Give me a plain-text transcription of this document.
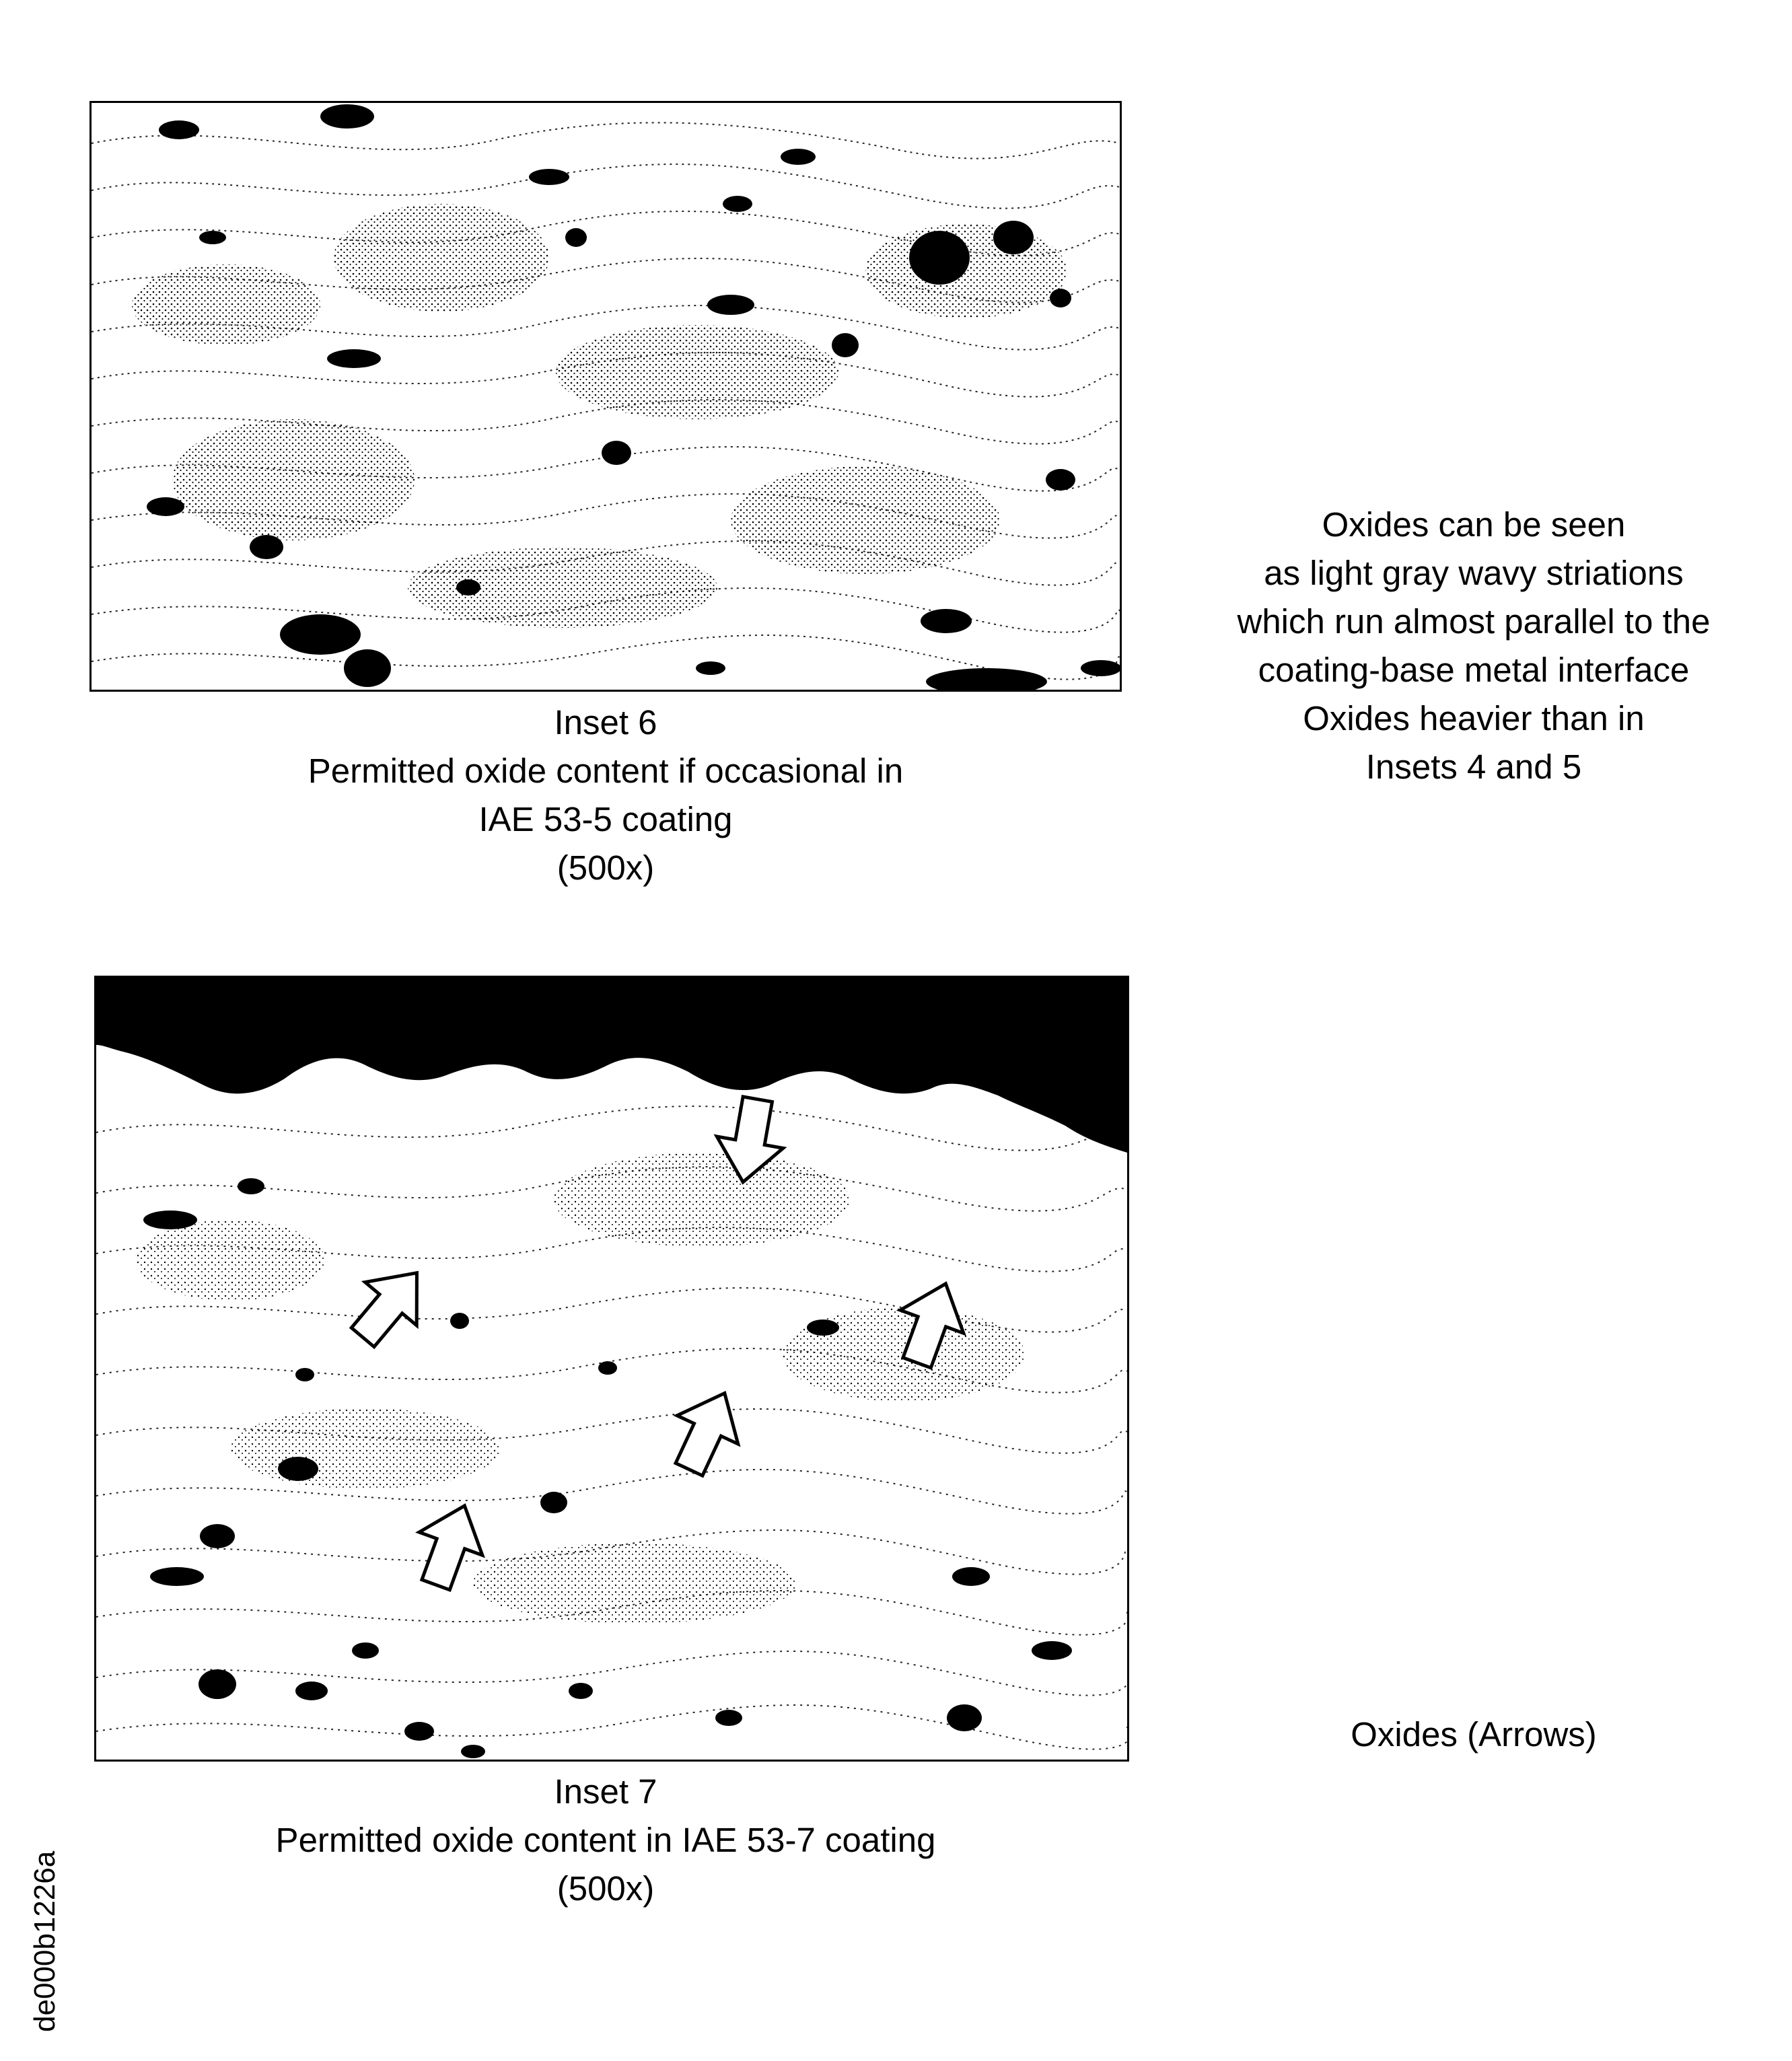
Inset 6
Permitted oxide content if occasional in
IAE 53-5 coating
(500x)
Oxides can be seen
as light gray wavy striations
which run almost parallel to the
coating-base metal interface
Oxides heavier than in
Insets 4 and 5
Inset 7
Permitted oxide content in IAE 53-7 coating
(500x)
Oxides (Arrows)
de000b1226a
